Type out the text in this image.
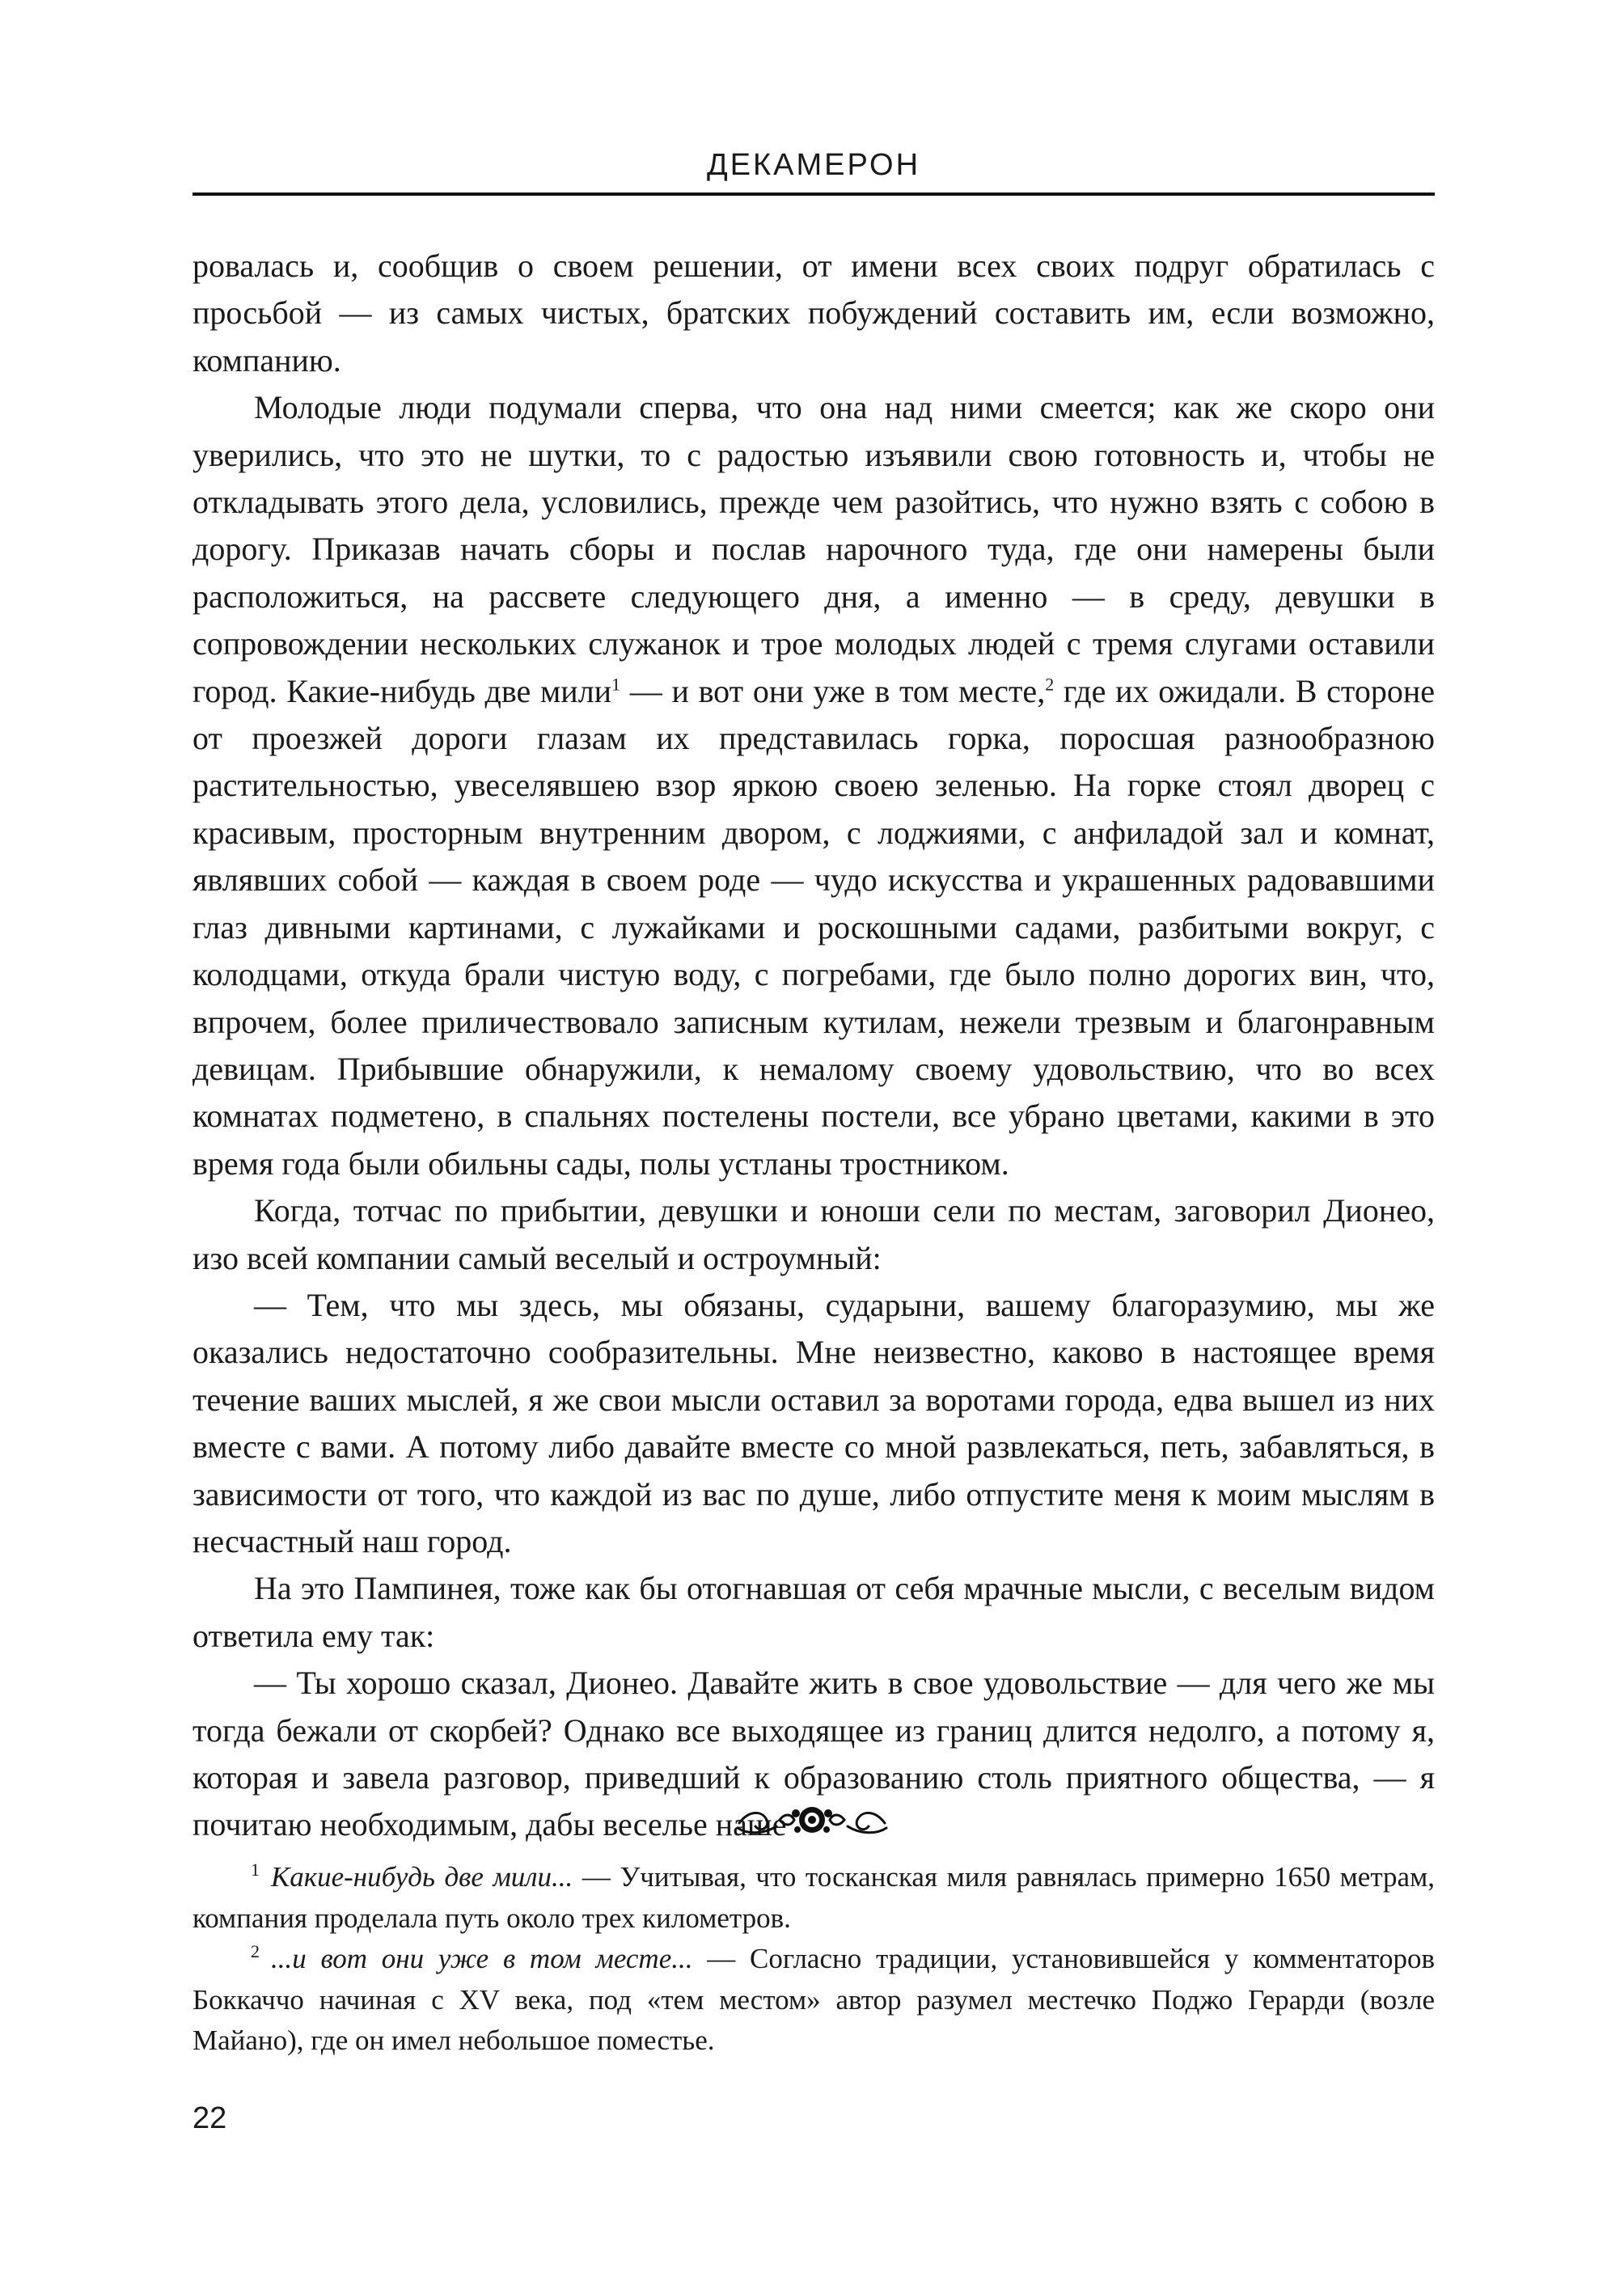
ДЕКАМЕРОН

ровалась и, сообщив о своем решении, от имени всех своих подруг обратилась с просьбой — из самых чистых, братских побуждений составить им, если возможно, компанию.

Молодые люди подумали сперва, что она над ними смеется; как же скоро они уверились, что это не шутки, то с радостью изъявили свою готовность и, чтобы не откладывать этого дела, условились, прежде чем разойтись, что нужно взять с собою в дорогу. Приказав начать сборы и послав нарочного туда, где они намерены были расположиться, на рассвете следующего дня, а именно — в среду, девушки в сопровождении нескольких служанок и трое молодых людей с тремя слугами оставили город. Какие-нибудь две мили$^1$ — и вот они уже в том месте,$^2$ где их ожидали. В стороне от проезжей дороги глазам их представилась горка, поросшая разнообразною растительностью, увеселявшею взор яркою своею зеленью. На горке стоял дворец с красивым, просторным внутренним двором, с лоджиями, с анфиладой зал и комнат, являвших собой — каждая в своем роде — чудо искусства и украшенных радовавшими глаз дивными картинами, с лужайками и роскошными садами, разбитыми вокруг, с колодцами, откуда брали чистую воду, с погребами, где было полно дорогих вин, что, впрочем, более приличествовало записным кутилам, нежели трезвым и благонравным девицам. Прибывшие обнаружили, к немалому своему удовольствию, что во всех комнатах подметено, в спальнях постелены постели, все убрано цветами, какими в это время года были обильны сады, полы устланы тростником.

Когда, тотчас по прибытии, девушки и юноши сели по местам, заговорил Дионео, изо всей компании самый веселый и остроумный:

— Тем, что мы здесь, мы обязаны, сударыни, вашему благоразумию, мы же оказались недостаточно сообразительны. Мне неизвестно, каково в настоящее время течение ваших мыслей, я же свои мысли оставил за воротами города, едва вышел из них вместе с вами. А потому либо давайте вместе со мной развлекаться, петь, забавляться, в зависимости от того, что каждой из вас по душе, либо отпустите меня к моим мыслям в несчастный наш город.

На это Пампинея, тоже как бы отогнавшая от себя мрачные мысли, с веселым видом ответила ему так:

— Ты хорошо сказал, Дионео. Давайте жить в свое удовольствие — для чего же мы тогда бежали от скорбей? Однако все выходящее из границ длится недолго, а потому я, которая и завела разговор, приведший к образованию столь приятного общества, — я почитаю необходимым, дабы веселье наше

$^1$ Какие-нибудь две мили... — Учитывая, что тосканская миля равнялась примерно 1650 метрам, компания проделала путь около трех километров.

$^2$ ...и вот они уже в том месте... — Согласно традиции, установившейся у комментаторов Боккаччо начиная с XV века, под «тем местом» автор разумел местечко Поджо Герарди (возле Майано), где он имел небольшое поместье.

22
